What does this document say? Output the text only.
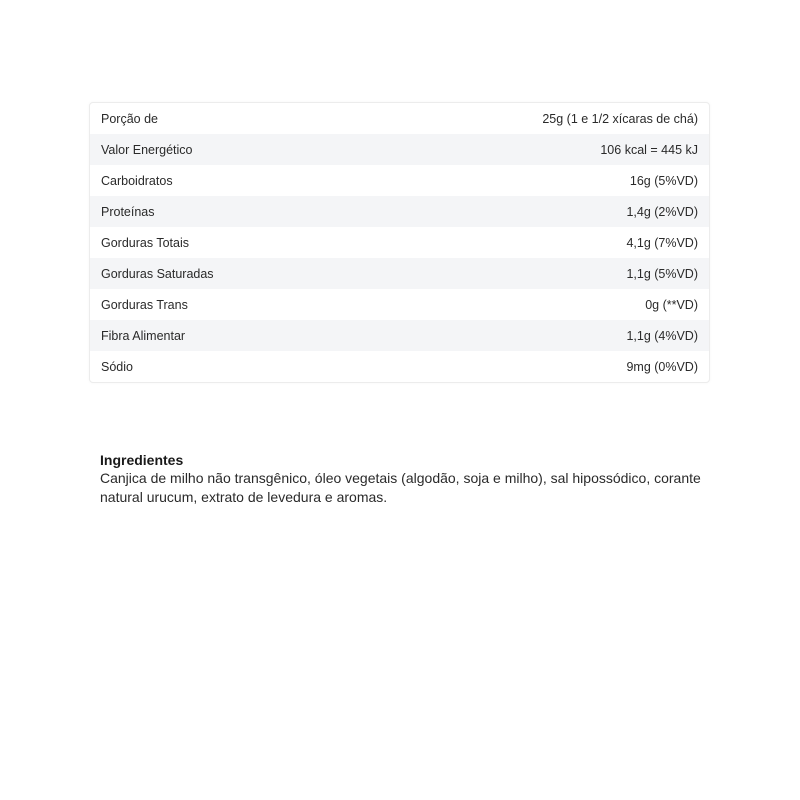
Porção de	25g (1 e 1/2 xícaras de chá)
Valor Energético	106 kcal = 445 kJ
Carboidratos	16g (5%VD)
Proteínas	1,4g (2%VD)
Gorduras Totais	4,1g (7%VD)
Gorduras Saturadas	1,1g (5%VD)
Gorduras Trans	0g (**VD)
Fibra Alimentar	1,1g (4%VD)
Sódio	9mg (0%VD)
Ingredientes

Canjica de milho não transgênico, óleo vegetais (algodão, soja e milho), sal hipossódico, corante natural urucum, extrato de levedura e aromas.
